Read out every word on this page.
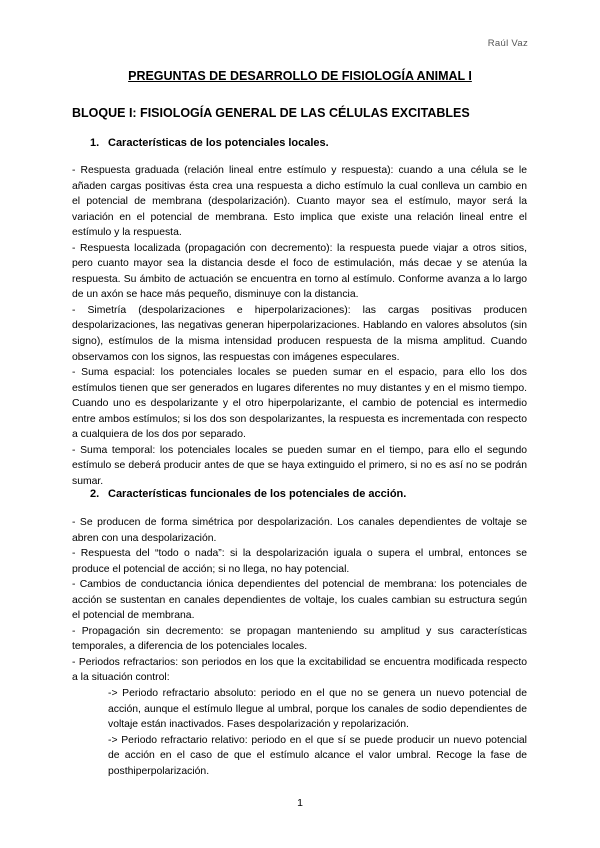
Raúl Vaz
PREGUNTAS DE DESARROLLO DE FISIOLOGÍA ANIMAL I
BLOQUE I: FISIOLOGÍA GENERAL DE LAS CÉLULAS EXCITABLES
1. Características de los potenciales locales.

- Respuesta graduada (relación lineal entre estímulo y respuesta): cuando a una célula se le añaden cargas positivas ésta crea una respuesta a dicho estímulo la cual conlleva un cambio en el potencial de membrana (despolarización). Cuanto mayor sea el estímulo, mayor será la variación en el potencial de membrana. Esto implica que existe una relación lineal entre el estímulo y la respuesta.

- Respuesta localizada (propagación con decremento): la respuesta puede viajar a otros sitios, pero cuanto mayor sea la distancia desde el foco de estimulación, más decae y se atenúa la respuesta. Su ámbito de actuación se encuentra en torno al estímulo. Conforme avanza a lo largo de un axón se hace más pequeño, disminuye con la distancia.

- Simetría (despolarizaciones e hiperpolarizaciones): las cargas positivas producen despolarizaciones, las negativas generan hiperpolarizaciones. Hablando en valores absolutos (sin signo), estímulos de la misma intensidad producen respuesta de la misma amplitud. Cuando observamos con los signos, las respuestas con imágenes especulares.

- Suma espacial: los potenciales locales se pueden sumar en el espacio, para ello los dos estímulos tienen que ser generados en lugares diferentes no muy distantes y en el mismo tiempo. Cuando uno es despolarizante y el otro hiperpolarizante, el cambio de potencial es intermedio entre ambos estímulos; si los dos son despolarizantes, la respuesta es incrementada con respecto a cualquiera de los dos por separado.

- Suma temporal: los potenciales locales se pueden sumar en el tiempo, para ello el segundo estímulo se deberá producir antes de que se haya extinguido el primero, si no es así no se podrán sumar.

2. Características funcionales de los potenciales de acción.

- Se producen de forma simétrica por despolarización. Los canales dependientes de voltaje se abren con una despolarización.

- Respuesta del “todo o nada”: si la despolarización iguala o supera el umbral, entonces se produce el potencial de acción; si no llega, no hay potencial.

- Cambios de conductancia iónica dependientes del potencial de membrana: los potenciales de acción se sustentan en canales dependientes de voltaje, los cuales cambian su estructura según el potencial de membrana.

- Propagación sin decremento: se propagan manteniendo su amplitud y sus características temporales, a diferencia de los potenciales locales.

- Periodos refractarios: son periodos en los que la excitabilidad se encuentra modificada respecto a la situación control:

-> Periodo refractario absoluto: periodo en el que no se genera un nuevo potencial de acción, aunque el estímulo llegue al umbral, porque los canales de sodio dependientes de voltaje están inactivados. Fases despolarización y repolarización.

-> Periodo refractario relativo: periodo en el que sí se puede producir un nuevo potencial de acción en el caso de que el estímulo alcance el valor umbral. Recoge la fase de posthiperpolarización.

1
